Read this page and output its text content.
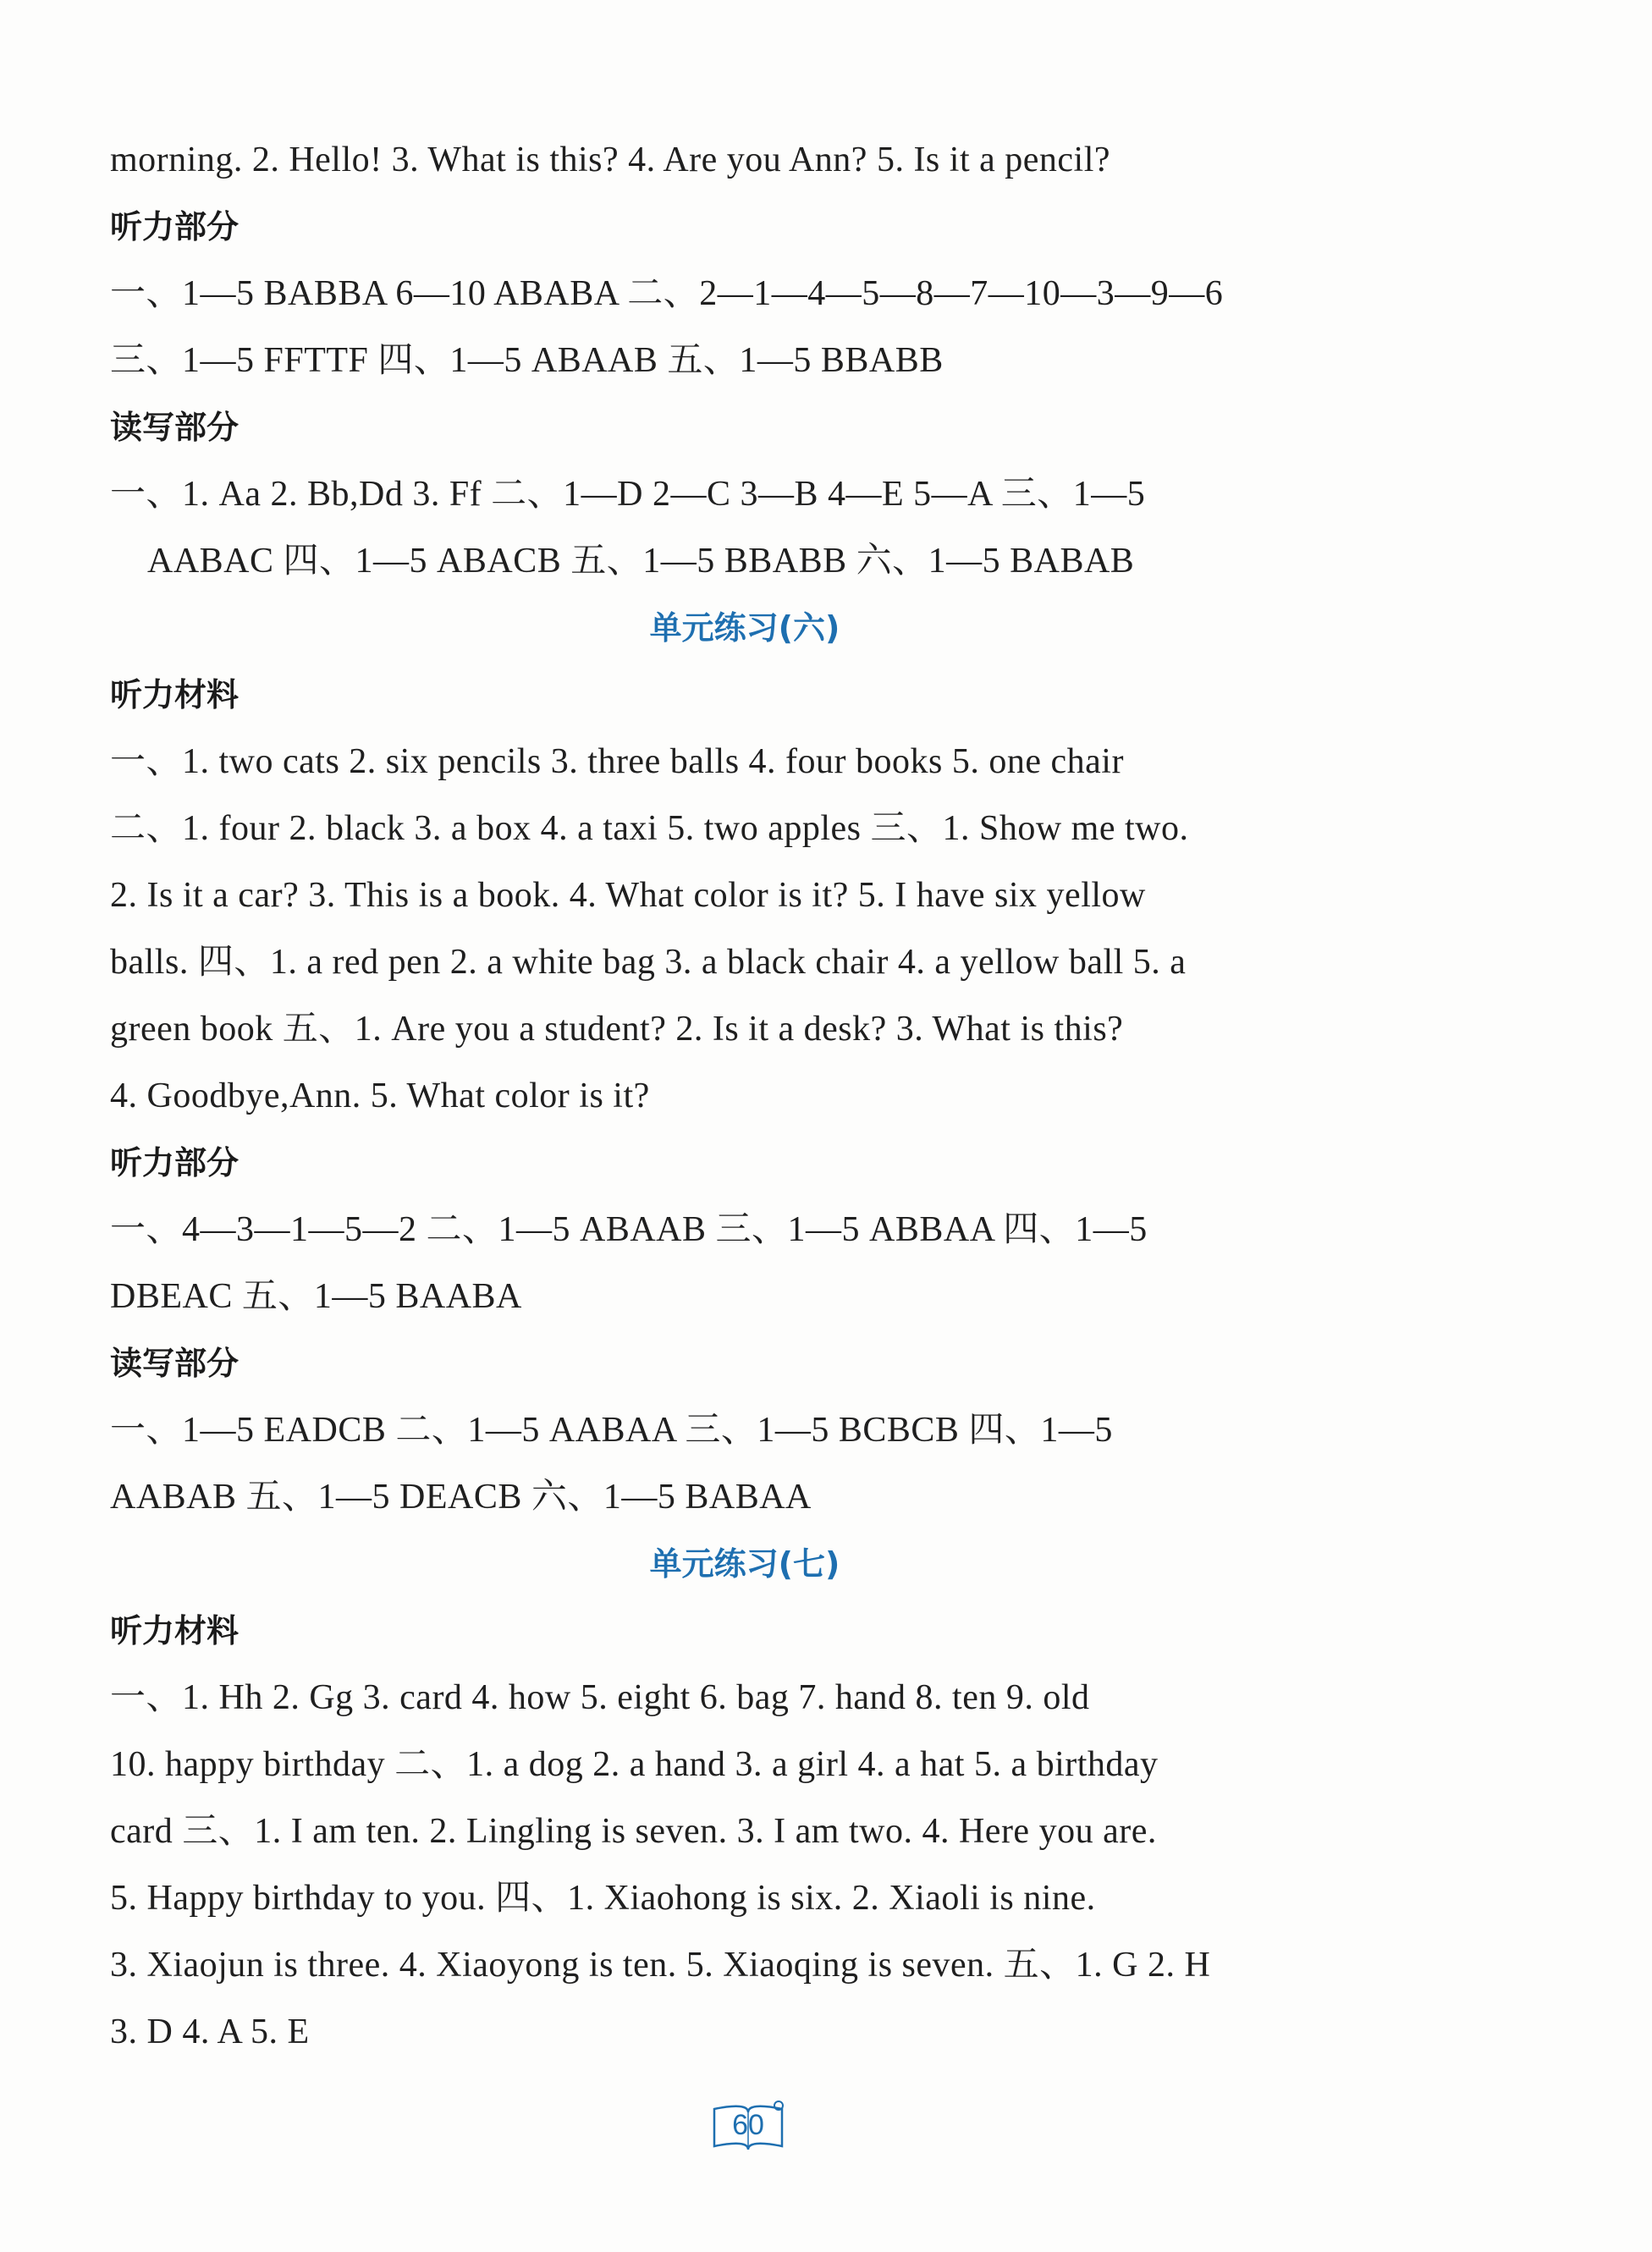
morning. 2. Hello! 3. What is this? 4. Are you Ann? 5. Is it a pencil?
听力部分
一、1—5 BABBA 6—10 ABABA 二、2—1—4—5—8—7—10—3—9—6
三、1—5 FFTTF 四、1—5 ABAAB 五、1—5 BBABB
读写部分
一、1. Aa 2. Bb,Dd 3. Ff 二、1—D 2—C 3—B 4—E 5—A 三、1—5
AABAC 四、1—5 ABACB 五、1—5 BBABB 六、1—5 BABAB
单元练习(六)
听力材料
一、1. two cats 2. six pencils 3. three balls 4. four books 5. one chair
二、1. four 2. black 3. a box 4. a taxi 5. two apples 三、1. Show me two.
2. Is it a car? 3. This is a book. 4. What color is it? 5. I have six yellow
balls. 四、1. a red pen 2. a white bag 3. a black chair 4. a yellow ball 5. a
green book 五、1. Are you a student? 2. Is it a desk? 3. What is this?
4. Goodbye,Ann. 5. What color is it?
听力部分
一、4—3—1—5—2 二、1—5 ABAAB 三、1—5 ABBAA 四、1—5
DBEAC 五、1—5 BAABA
读写部分
一、1—5 EADCB 二、1—5 AABAA 三、1—5 BCBCB 四、1—5
AABAB 五、1—5 DEACB 六、1—5 BABAA
单元练习(七)
听力材料
一、1. Hh 2. Gg 3. card 4. how 5. eight 6. bag 7. hand 8. ten 9. old
10. happy birthday 二、1. a dog 2. a hand 3. a girl 4. a hat 5. a birthday
card 三、1. I am ten. 2. Lingling is seven. 3. I am two. 4. Here you are.
5. Happy birthday to you. 四、1. Xiaohong is six. 2. Xiaoli is nine.
3. Xiaojun is three. 4. Xiaoyong is ten. 5. Xiaoqing is seven. 五、1. G 2. H
3. D 4. A 5. E
60
